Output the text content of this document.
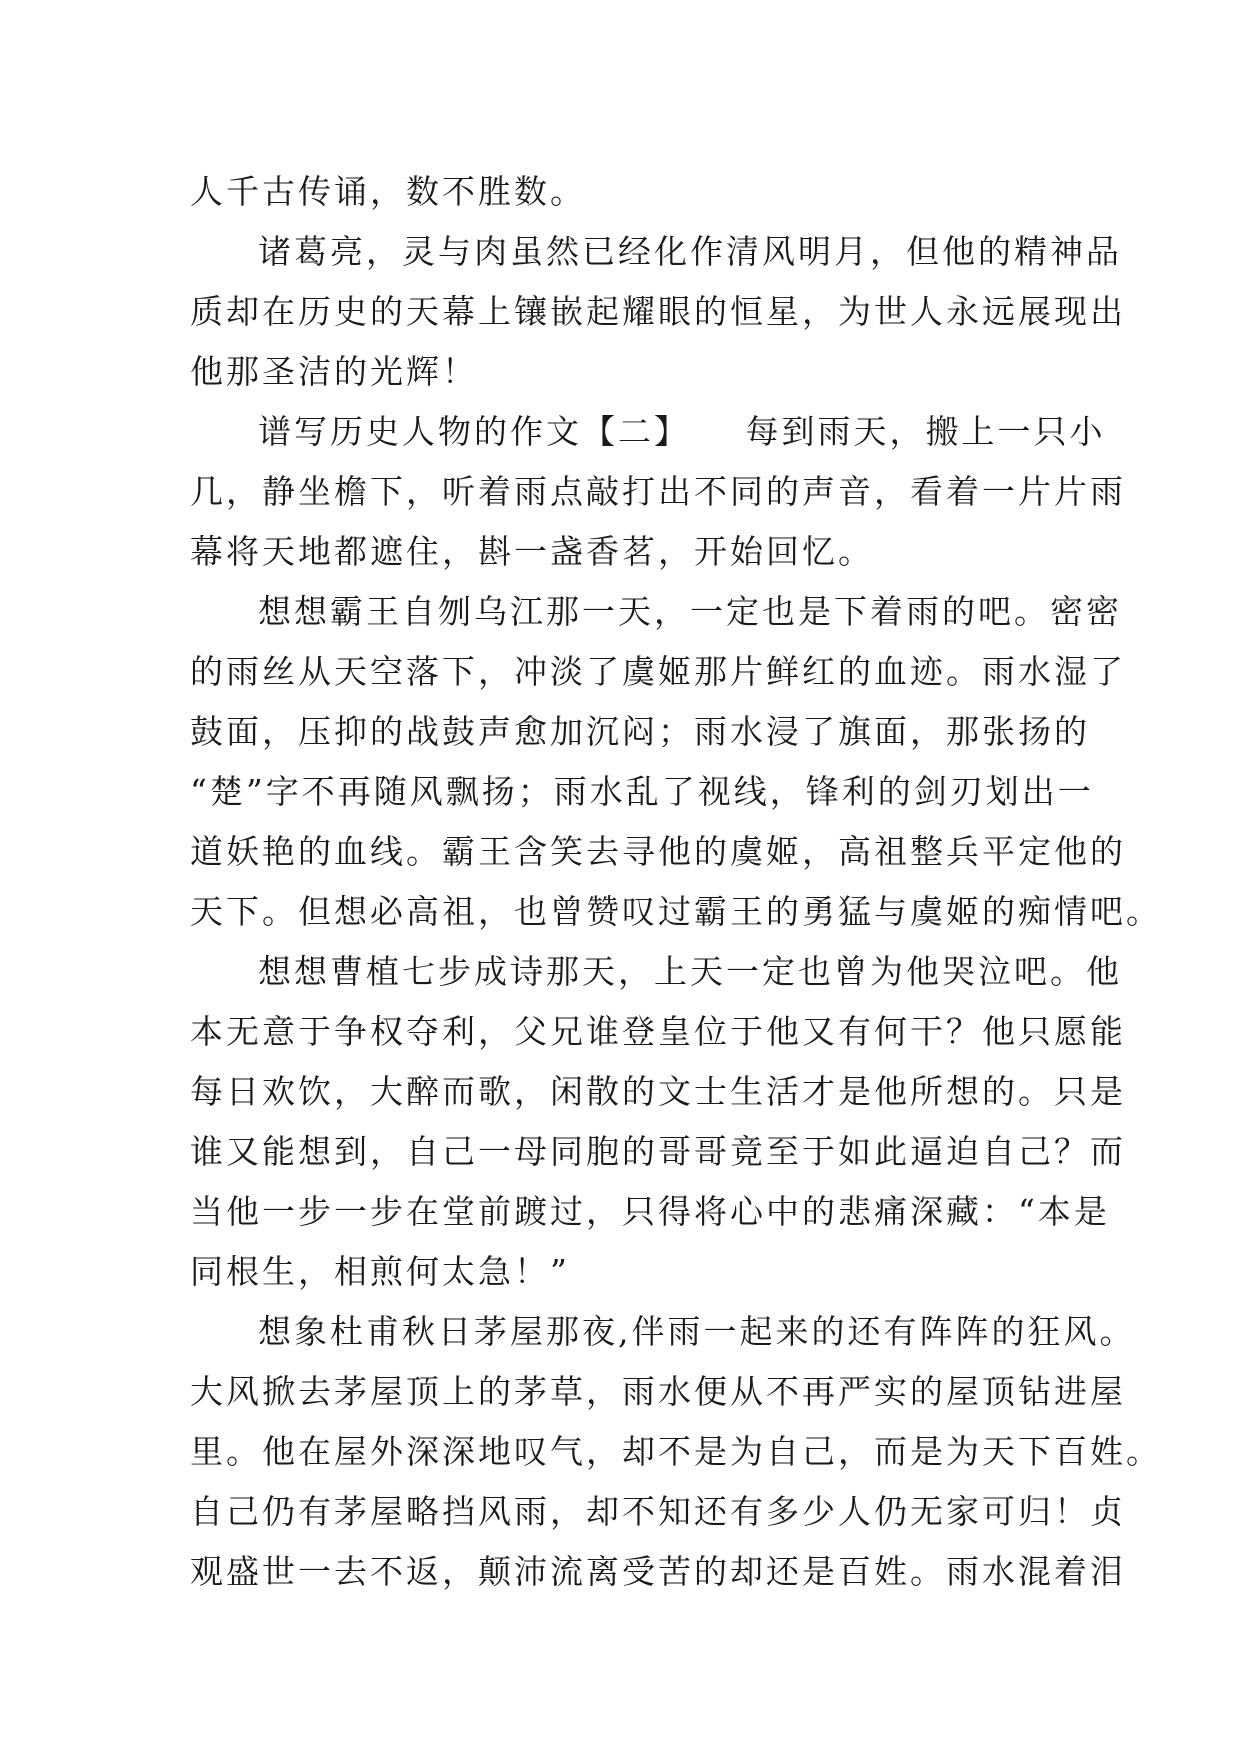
人千古传诵，数不胜数。
诸葛亮，灵与肉虽然已经化作清风明月，但他的精神品
质却在历史的天幕上镶嵌起耀眼的恒星，为世人永远展现出
他那圣洁的光辉！
谱写历史人物的作文【二】　　每到雨天，搬上一只小
几，静坐檐下，听着雨点敲打出不同的声音，看着一片片雨
幕将天地都遮住，斟一盏香茗，开始回忆。
想想霸王自刎乌江那一天，一定也是下着雨的吧。密密
的雨丝从天空落下，冲淡了虞姬那片鲜红的血迹。雨水湿了
鼓面，压抑的战鼓声愈加沉闷；雨水浸了旗面，那张扬的
“楚”字不再随风飘扬；雨水乱了视线，锋利的剑刃划出一
道妖艳的血线。霸王含笑去寻他的虞姬，高祖整兵平定他的
天下。但想必高祖，也曾赞叹过霸王的勇猛与虞姬的痴情吧。
想想曹植七步成诗那天，上天一定也曾为他哭泣吧。他
本无意于争权夺利，父兄谁登皇位于他又有何干？他只愿能
每日欢饮，大醉而歌，闲散的文士生活才是他所想的。只是
谁又能想到，自己一母同胞的哥哥竟至于如此逼迫自己？而
当他一步一步在堂前踱过，只得将心中的悲痛深藏：“本是
同根生，相煎何太急！”
想象杜甫秋日茅屋那夜,伴雨一起来的还有阵阵的狂风。
大风掀去茅屋顶上的茅草，雨水便从不再严实的屋顶钻进屋
里。他在屋外深深地叹气，却不是为自己，而是为天下百姓。
自己仍有茅屋略挡风雨，却不知还有多少人仍无家可归！贞
观盛世一去不返，颠沛流离受苦的却还是百姓。雨水混着泪
